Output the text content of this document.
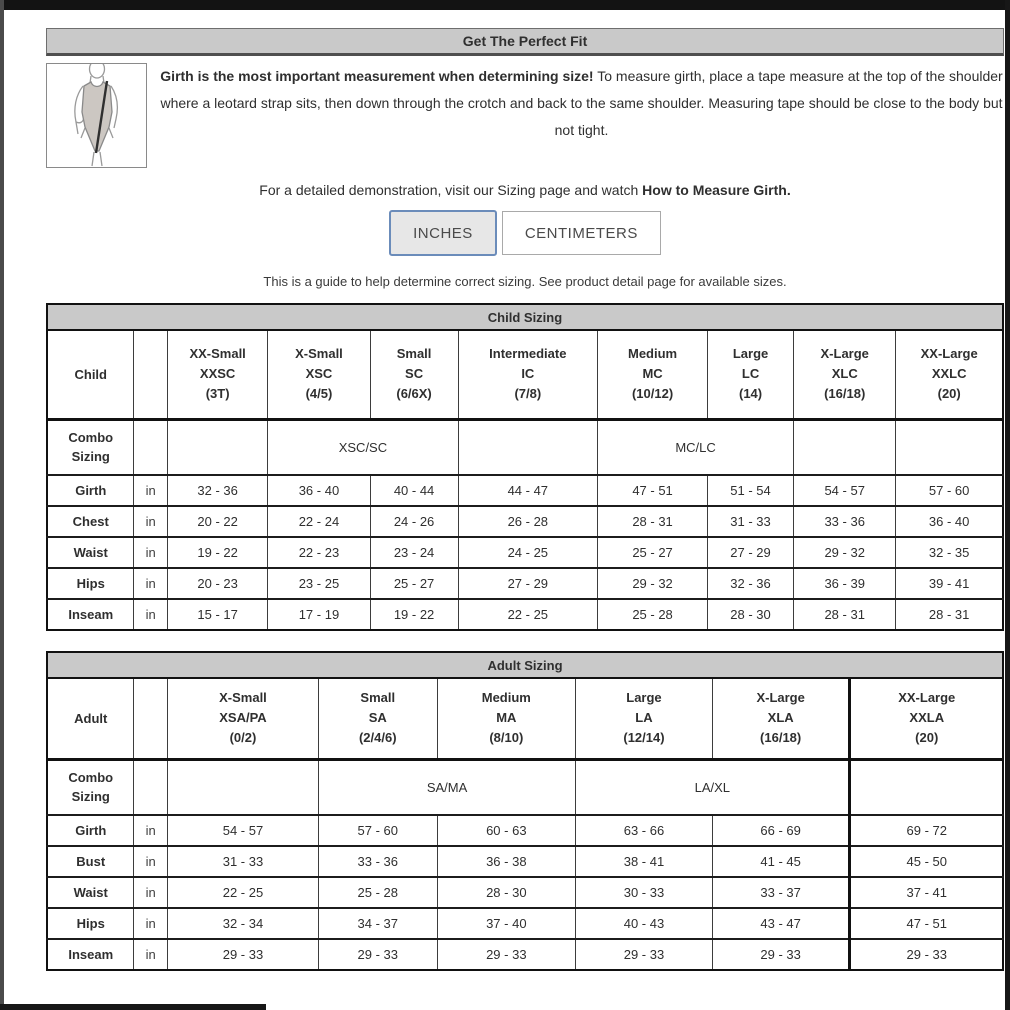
Get The Perfect Fit
Girth is the most important measurement when determining size! To measure girth, place a tape measure at the top of the shoulder where a leotard strap sits, then down through the crotch and back to the same shoulder. Measuring tape should be close to the body but not tight.

For a detailed demonstration, visit our Sizing page and watch How to Measure Girth.

INCHES	CENTIMETERS

This is a guide to help determine correct sizing. See product detail page for available sizes.

Child Sizing									
Child		XX-Small
XXSC
(3T)	X-Small
XSC
(4/5)	Small
SC
(6/6X)	Intermediate
IC
(7/8)	Medium
MC
(10/12)	Large
LC
(14)	X-Large
XLC
(16/18)	XX-Large
XXLC
(20)

Combo Sizing			XSC/SC			MC/LC			
Girth	in	32 - 36	36 - 40	40 - 44	44 - 47	47 - 51	51 - 54	54 - 57	57 - 60
Chest	in	20 - 22	22 - 24	24 - 26	26 - 28	28 - 31	31 - 33	33 - 36	36 - 40
Waist	in	19 - 22	22 - 23	23 - 24	24 - 25	25 - 27	27 - 29	29 - 32	32 - 35
Hips	in	20 - 23	23 - 25	25 - 27	27 - 29	29 - 32	32 - 36	36 - 39	39 - 41
Inseam	in	15 - 17	17 - 19	19 - 22	22 - 25	25 - 28	28 - 30	28 - 31	28 - 31
Adult Sizing							
Adult		X-Small
XSA/PA
(0/2)	Small
SA
(2/4/6)	Medium
MA
(8/10)	Large
LA
(12/14)	X-Large
XLA
(16/18)	XX-Large
XXLA
(20)

Combo Sizing			SA/MA		LA/XL		
Girth	in	54 - 57	57 - 60	60 - 63	63 - 66	66 - 69	69 - 72
Bust	in	31 - 33	33 - 36	36 - 38	38 - 41	41 - 45	45 - 50
Waist	in	22 - 25	25 - 28	28 - 30	30 - 33	33 - 37	37 - 41
Hips	in	32 - 34	34 - 37	37 - 40	40 - 43	43 - 47	47 - 51
Inseam	in	29 - 33	29 - 33	29 - 33	29 - 33	29 - 33	29 - 33
